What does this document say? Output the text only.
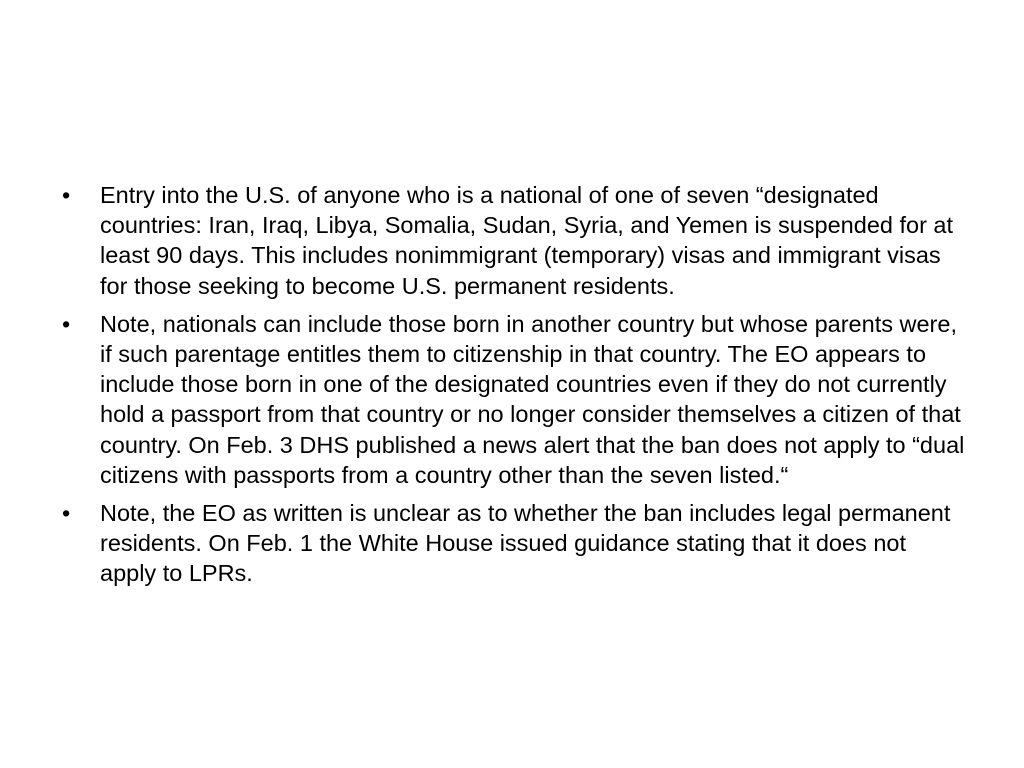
•	Entry into the U.S. of anyone who is a national of one of seven “designated countries: Iran, Iraq, Libya, Somalia, Sudan, Syria, and Yemen is suspended for at least 90 days. This includes nonimmigrant (temporary) visas and immigrant visas for those seeking to become U.S. permanent residents.
•	Note, nationals can include those born in another country but whose parents were, if such parentage entitles them to citizenship in that country. The EO appears to include those born in one of the designated countries even if they do not currently hold a passport from that country or no longer consider themselves a citizen of that country. On Feb. 3 DHS published a news alert that the ban does not apply to “dual citizens with passports from a country other than the seven listed.“
•	Note, the EO as written is unclear as to whether the ban includes legal permanent residents. On Feb. 1 the White House issued guidance stating that it does not apply to LPRs.
